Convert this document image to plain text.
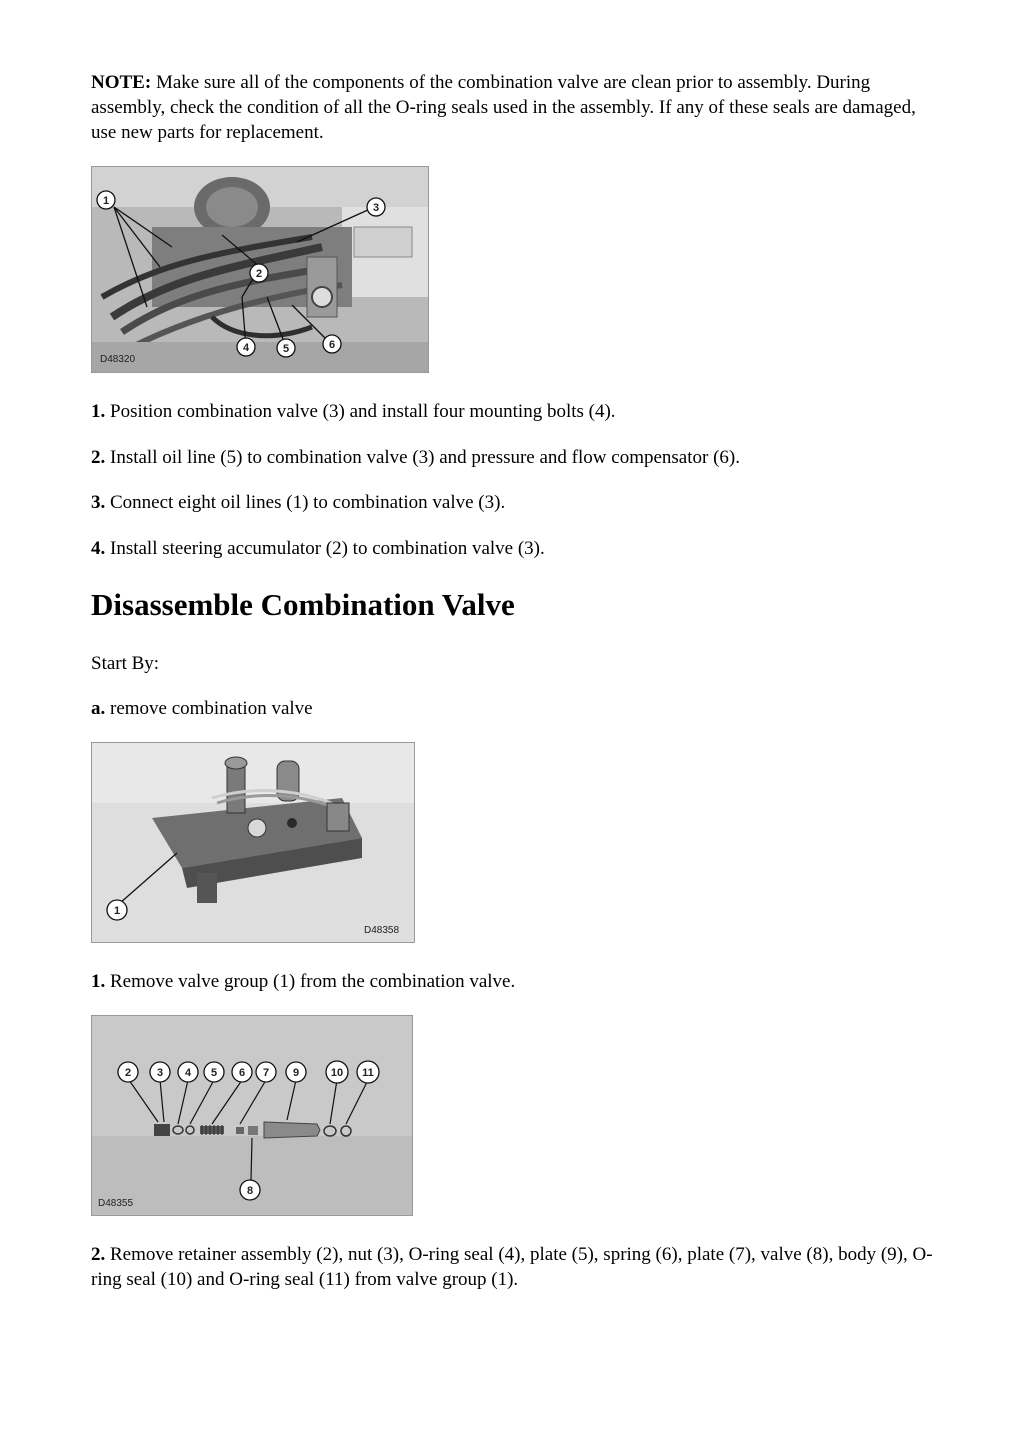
NOTE: Make sure all of the components of the combination valve are clean prior to assembly. During assembly, check the condition of all the O-ring seals used in the assembly. If any of these seals are damaged, use new parts for replacement.

1
2
3
4	5	6
D48320

1. Position combination valve (3) and install four mounting bolts (4).

2. Install oil line (5) to combination valve (3) and pressure and flow compensator (6).

3. Connect eight oil lines (1) to combination valve (3).

4. Install steering accumulator (2) to combination valve (3).

Disassemble Combination Valve

Start By:

a. remove combination valve

1
D48358

1. Remove valve group (1) from the combination valve.

2 3 4 5 6 7 9	10 11
8
D48355

2. Remove retainer assembly (2), nut (3), O-ring seal (4), plate (5), spring (6), plate (7), valve (8), body (9), O-ring seal (10) and O-ring seal (11) from valve group (1).
